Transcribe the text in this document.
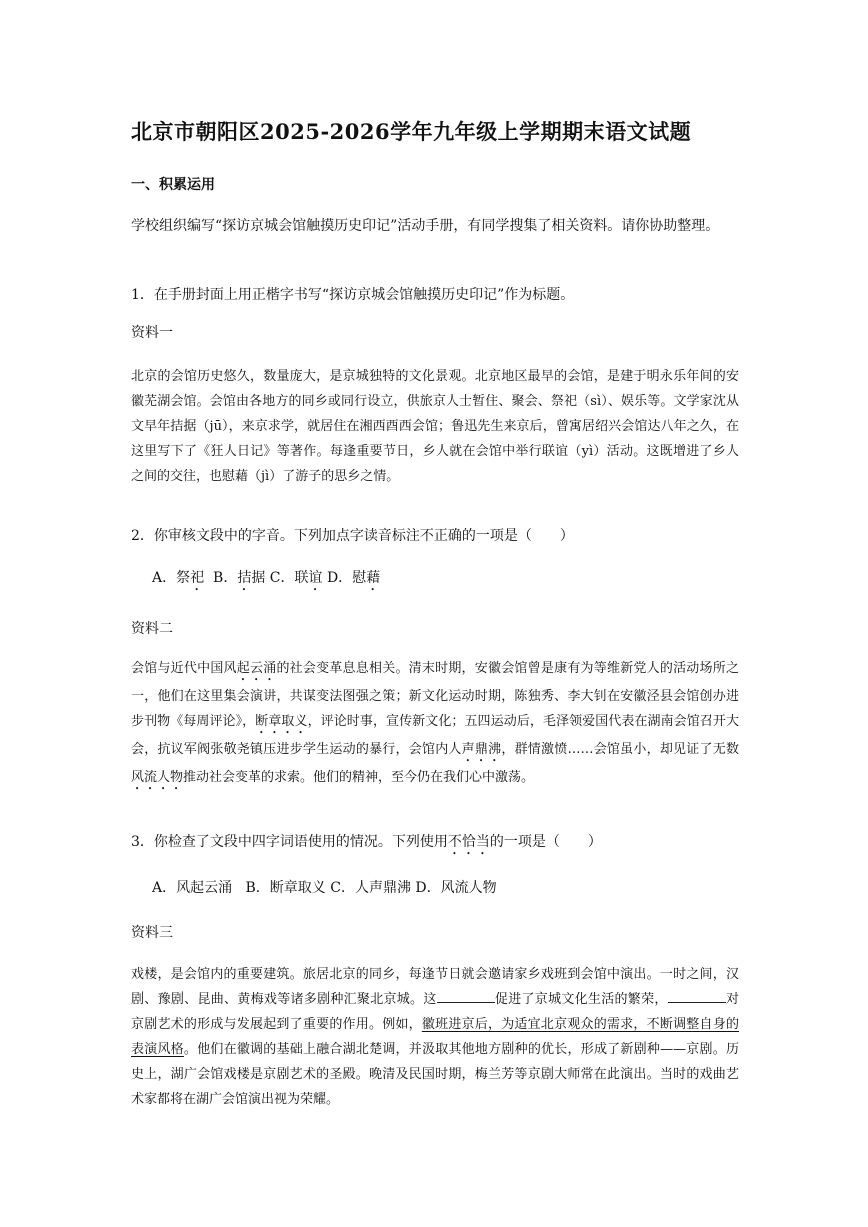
北京市朝阳区2025-2026学年九年级上学期期末语文试题
一、积累运用
学校组织编写“探访京城会馆触摸历史印记”活动手册，有同学搜集了相关资料。请你协助整理。
1．在手册封面上用正楷字书写“探访京城会馆触摸历史印记”作为标题。
资料一
北京的会馆历史悠久，数量庞大，是京城独特的文化景观。北京地区最早的会馆，是建于明永乐年间的安徽芜湖会馆。会馆由各地方的同乡或同行设立，供旅京人士暂住、聚会、祭祀（sì）、娱乐等。文学家沈从文早年拮据（jū），来京求学，就居住在湘西酉西会馆；鲁迅先生来京后，曾寓居绍兴会馆达八年之久，在这里写下了《狂人日记》等著作。每逢重要节日，乡人就在会馆中举行联谊（yì）活动。这既增进了乡人之间的交往，也慰藉（jì）了游子的思乡之情。
2．你审核文段中的字音。下列加点字读音标注不正确的一项是（　　）
A．祭祀 B．拮据 C．联谊 D．慰藉
资料二
会馆与近代中国风起云涌的社会变革息息相关。清末时期，安徽会馆曾是康有为等维新党人的活动场所之一，他们在这里集会演讲，共谋变法图强之策；新文化运动时期，陈独秀、李大钊在安徽泾县会馆创办进步刊物《每周评论》，断章取义，评论时事，宣传新文化；五四运动后，毛泽领爱国代表在湖南会馆召开大会，抗议军阀张敬尧镇压进步学生运动的暴行，会馆内人声鼎沸，群情激愤……会馆虽小，却见证了无数风流人物推动社会变革的求索。他们的精神，至今仍在我们心中激荡。
3．你检查了文段中四字词语使用的情况。下列使用不恰当的一项是（　　）
A．风起云涌 B．断章取义 C．人声鼎沸 D．风流人物
资料三
戏楼，是会馆内的重要建筑。旅居北京的同乡，每逢节日就会邀请家乡戏班到会馆中演出。一时之间，汉剧、豫剧、昆曲、黄梅戏等诸多剧种汇聚北京城。这	促进了京城文化生活的繁荣，	对京剧艺术的形成与发展起到了重要的作用。例如，徽班进京后，为适宜北京观众的需求，不断调整自身的表演风格。他们在徽调的基础上融合湖北楚调，并汲取其他地方剧种的优长，形成了新剧种——京剧。历史上，湖广会馆戏楼是京剧艺术的圣殿。晚清及民国时期，梅兰芳等京剧大师常在此演出。当时的戏曲艺术家都将在湖广会馆演出视为荣耀。
